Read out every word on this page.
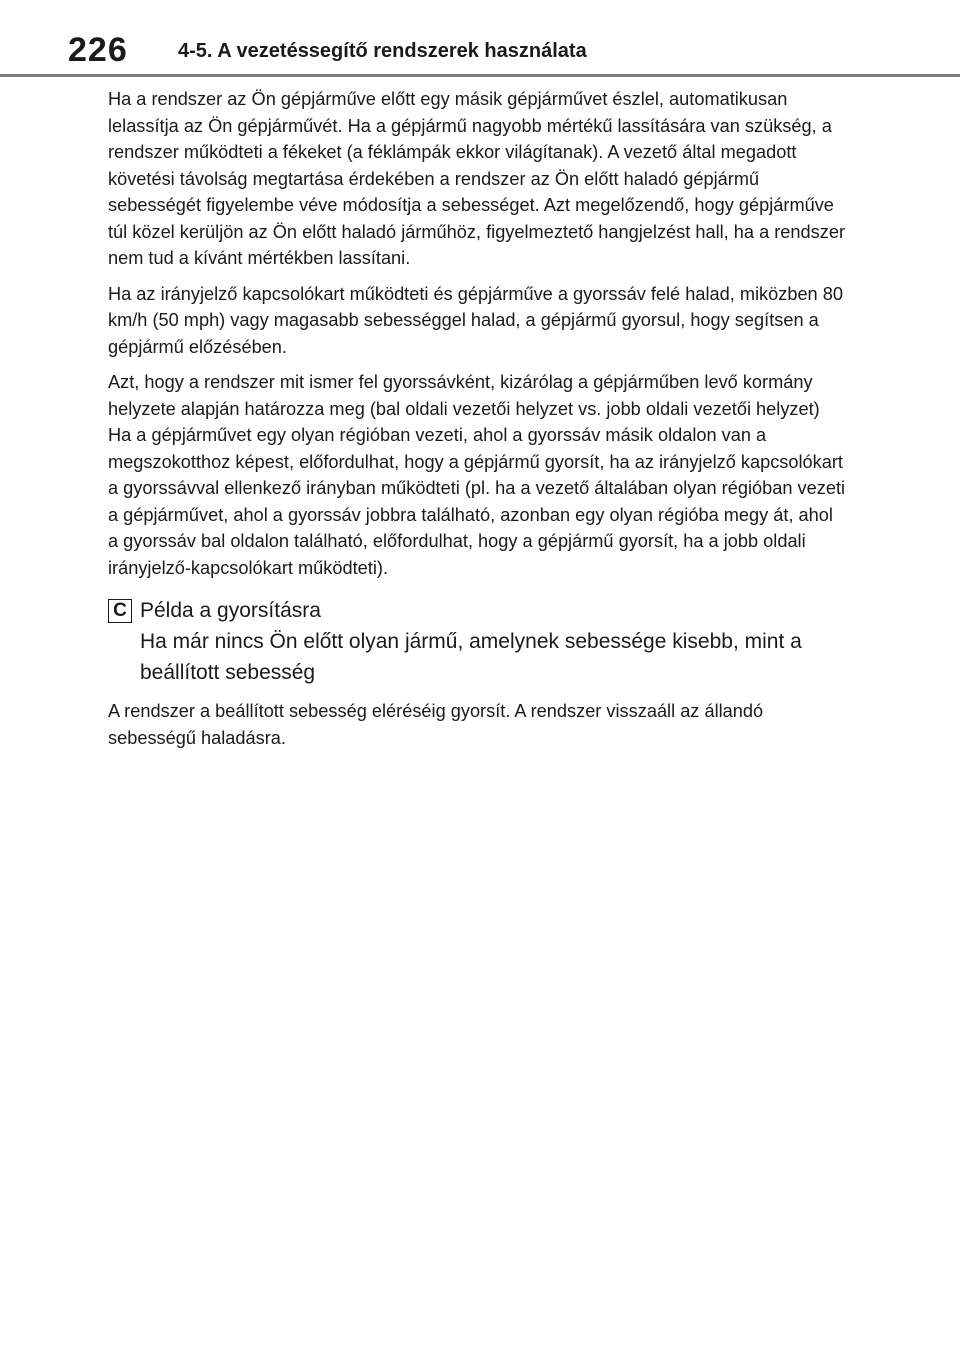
226	4-5. A vezetéssegítő rendszerek használata

Ha a rendszer az Ön gépjárműve előtt egy másik gépjárművet észlel, automatikusan lelassítja az Ön gépjárművét. Ha a gépjármű nagyobb mértékű lassítására van szükség, a rendszer működteti a fékeket (a féklámpák ekkor világítanak). A vezető által megadott követési távolság megtartása érdekében a rendszer az Ön előtt haladó gépjármű sebességét figyelembe véve módosítja a sebességet. Azt megelőzendő, hogy gépjárműve túl közel kerüljön az Ön előtt haladó járműhöz, figyelmeztető hangjelzést hall, ha a rendszer nem tud a kívánt mértékben lassítani.

Ha az irányjelző kapcsolókart működteti és gépjárműve a gyorssáv felé halad, miközben 80 km/h (50 mph) vagy magasabb sebességgel halad, a gépjármű gyorsul, hogy segítsen a gépjármű előzésében.

Azt, hogy a rendszer mit ismer fel gyorssávként, kizárólag a gépjárműben levő kormány helyzete alapján határozza meg (bal oldali vezetői helyzet vs. jobb oldali vezetői helyzet) Ha a gépjárművet egy olyan régióban vezeti, ahol a gyorssáv másik oldalon van a megszokotthoz képest, előfordulhat, hogy a gépjármű gyorsít, ha az irányjelző kapcsolókart a gyorssávval ellenkező irányban működteti (pl. ha a vezető általában olyan régióban vezeti a gépjárművet, ahol a gyorssáv jobbra található, azonban egy olyan régióba megy át, ahol a gyorssáv bal oldalon található, előfordulhat, hogy a gépjármű gyorsít, ha a jobb oldali irányjelző-kapcsolókart működteti).

C Példa a gyorsításra

Ha már nincs Ön előtt olyan jármű, amelynek sebessége kisebb, mint a beállított sebesség

A rendszer a beállított sebesség eléréséig gyorsít. A rendszer visszaáll az állandó sebességű haladásra.
